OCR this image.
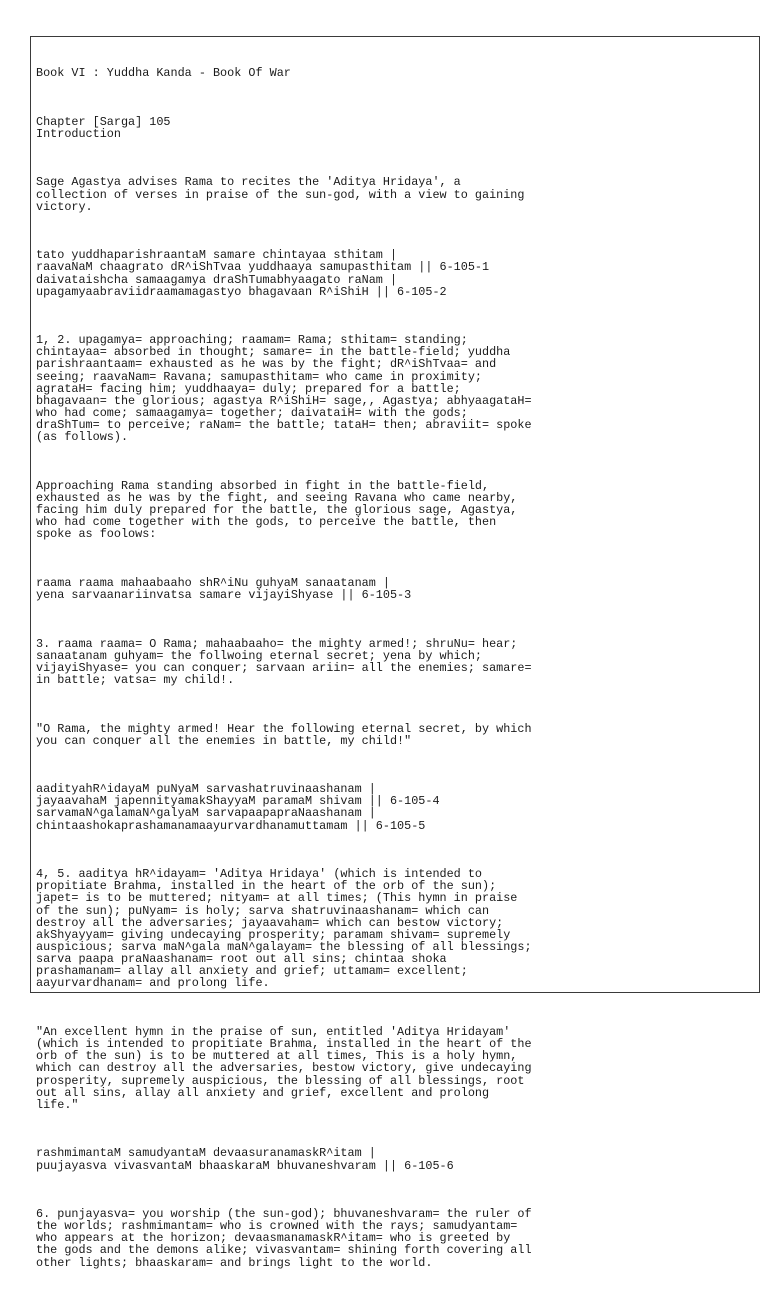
Book VI : Yuddha Kanda - Book Of War

Chapter [Sarga] 105
Introduction

Sage Agastya advises Rama to recites the 'Aditya Hridaya', a
collection of verses in praise of the sun-god, with a view to gaining
victory.

tato yuddhaparishraantaM samare chintayaa sthitam |
raavaNaM chaagrato dR^iShTvaa yuddhaaya samupasthitam || 6-105-1
daivataishcha samaagamya draShTumabhyaagato raNam |
upagamyaabraviidraamamagastyo bhagavaan R^iShiH || 6-105-2

1, 2. upagamya= approaching; raamam= Rama; sthitam= standing;
chintayaa= absorbed in thought; samare= in the battle-field; yuddha
parishraantaam= exhausted as he was by the fight; dR^iShTvaa= and
seeing; raavaNam= Ravana; samupasthitam= who came in proximity;
agrataH= facing him; yuddhaaya= duly; prepared for a battle;
bhagavaan= the glorious; agastya R^iShiH= sage,, Agastya; abhyaagataH=
who had come; samaagamya= together; daivataiH= with the gods;
draShTum= to perceive; raNam= the battle; tataH= then; abraviit= spoke
(as follows).

Approaching Rama standing absorbed in fight in the battle-field,
exhausted as he was by the fight, and seeing Ravana who came nearby,
facing him duly prepared for the battle, the glorious sage, Agastya,
who had come together with the gods, to perceive the battle, then
spoke as foolows:

raama raama mahaabaaho shR^iNu guhyaM sanaatanam |
yena sarvaanariinvatsa samare vijayiShyase || 6-105-3

3. raama raama= O Rama; mahaabaaho= the mighty armed!; shruNu= hear;
sanaatanam guhyam= the follwoing eternal secret; yena by which;
vijayiShyase= you can conquer; sarvaan ariin= all the enemies; samare=
in battle; vatsa= my child!.

"O Rama, the mighty armed! Hear the following eternal secret, by which
you can conquer all the enemies in battle, my child!"

aadityahR^idayaM puNyaM sarvashatruvinaashanam |
jayaavahaM japennityamakShayyaM paramaM shivam || 6-105-4
sarvamaN^galamaN^galyaM sarvapaapapraNaashanam |
chintaashokaprashamanamaayurvardhanamuttamam || 6-105-5

4, 5. aaditya hR^idayam= 'Aditya Hridaya' (which is intended to
propitiate Brahma, installed in the heart of the orb of the sun);
japet= is to be muttered; nityam= at all times; (This hymn in praise
of the sun); puNyam= is holy; sarva shatruvinaashanam= which can
destroy all the adversaries; jayaavaham= which can bestow victory;
akShyayyam= giving undecaying prosperity; paramam shivam= supremely
auspicious; sarva maN^gala maN^galayam= the blessing of all blessings;
sarva paapa praNaashanam= root out all sins; chintaa shoka
prashamanam= allay all anxiety and grief; uttamam= excellent;
aayurvardhanam= and prolong life.

"An excellent hymn in the praise of sun, entitled 'Aditya Hridayam'
(which is intended to propitiate Brahma, installed in the heart of the
orb of the sun) is to be muttered at all times, This is a holy hymn,
which can destroy all the adversaries, bestow victory, give undecaying
prosperity, supremely auspicious, the blessing of all blessings, root
out all sins, allay all anxiety and grief, excellent and prolong
life."

rashmimantaM samudyantaM devaasuranamaskR^itam |
puujayasva vivasvantaM bhaaskaraM bhuvaneshvaram || 6-105-6

6. punjayasva= you worship (the sun-god); bhuvaneshvaram= the ruler of
the worlds; rashmimantam= who is crowned with the rays; samudyantam=
who appears at the horizon; devaasmanamaskR^itam= who is greeted by
the gods and the demons alike; vivasvantam= shining forth covering all
other lights; bhaaskaram= and brings light to the world.
